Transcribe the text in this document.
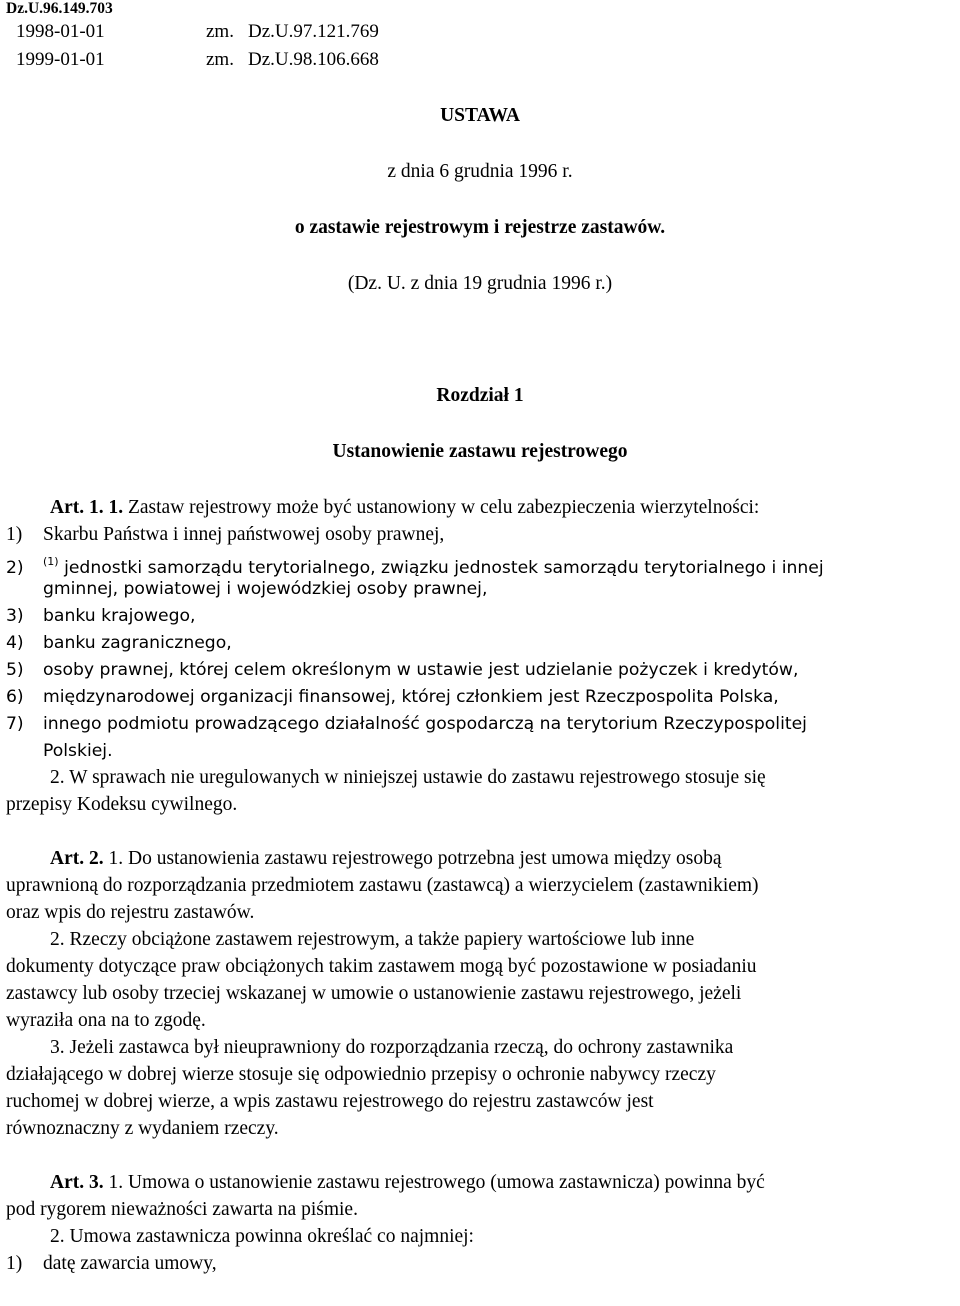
Dz.U.96.149.703
1998-01-01	zm. Dz.U.97.121.769
1999-01-01	zm. Dz.U.98.106.668
USTAWA
z dnia 6 grudnia 1996 r.
o zastawie rejestrowym i rejestrze zastawów.
(Dz. U. z dnia 19 grudnia 1996 r.)
Rozdział 1
Ustanowienie zastawu rejestrowego
Art. 1. 1. Zastaw rejestrowy może być ustanowiony w celu zabezpieczenia wierzytelności:
1) Skarbu Państwa i innej państwowej osoby prawnej,
2) $^{(1)}$ jednostki samorządu terytorialnego, związku jednostek samorządu terytorialnego i innej
gminnej, powiatowej i wojewódzkiej osoby prawnej,
3) banku krajowego,
4) banku zagranicznego,
5) osoby prawnej, której celem określonym w ustawie jest udzielanie pożyczek i kredytów,
6) międzynarodowej organizacji finansowej, której członkiem jest Rzeczpospolita Polska,
7) innego podmiotu prowadzącego działalność gospodarczą na terytorium Rzeczypospolitej
Polskiej.
2. W sprawach nie uregulowanych w niniejszej ustawie do zastawu rejestrowego stosuje się
przepisy Kodeksu cywilnego.
Art. 2. 1. Do ustanowienia zastawu rejestrowego potrzebna jest umowa między osobą
uprawnioną do rozporządzania przedmiotem zastawu (zastawcą) a wierzycielem (zastawnikiem)
oraz wpis do rejestru zastawów.
2. Rzeczy obciążone zastawem rejestrowym, a także papiery wartościowe lub inne
dokumenty dotyczące praw obciążonych takim zastawem mogą być pozostawione w posiadaniu
zastawcy lub osoby trzeciej wskazanej w umowie o ustanowienie zastawu rejestrowego, jeżeli
wyraziła ona na to zgodę.
3. Jeżeli zastawca był nieuprawniony do rozporządzania rzeczą, do ochrony zastawnika
działającego w dobrej wierze stosuje się odpowiednio przepisy o ochronie nabywcy rzeczy
ruchomej w dobrej wierze, a wpis zastawu rejestrowego do rejestru zastawców jest
równoznaczny z wydaniem rzeczy.
Art. 3. 1. Umowa o ustanowienie zastawu rejestrowego (umowa zastawnicza) powinna być
pod rygorem nieważności zawarta na piśmie.
2. Umowa zastawnicza powinna określać co najmniej:
1) datę zawarcia umowy,
